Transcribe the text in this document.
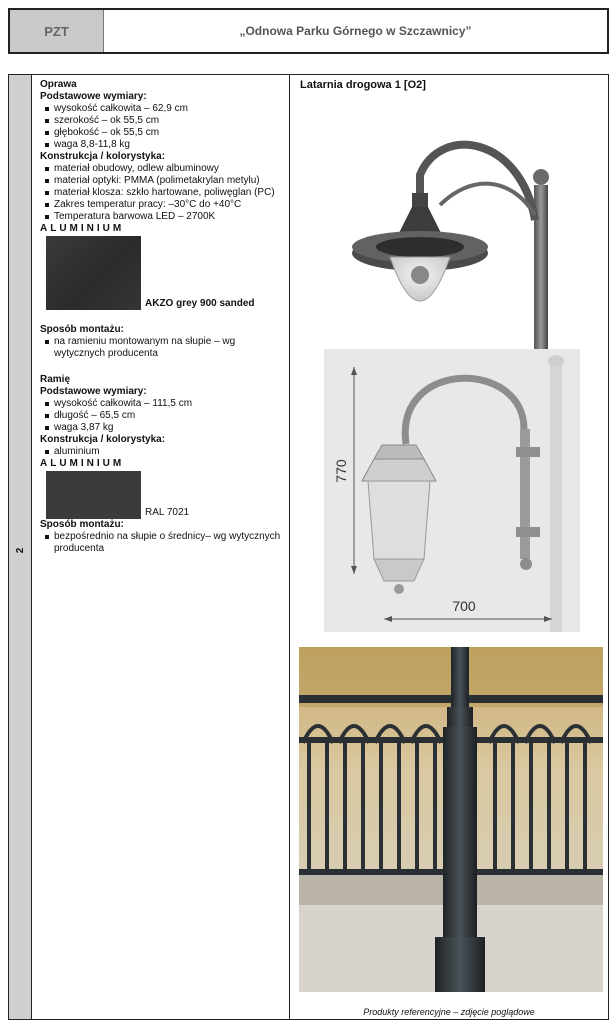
PZT	„Odnowa Parku Górnego w Szczawnicy”
2
Oprawa
Podstawowe wymiary:
wysokość całkowita – 62,9 cm
szerokość – ok 55,5 cm
głębokość – ok 55,5 cm
waga 8,8-11,8 kg
Konstrukcja / kolorystyka:
materiał obudowy, odlew albuminowy
materiał optyki: PMMA (polimetakrylan metylu)
materiał klosza: szkło hartowane, poliwęglan (PC)
Zakres temperatur pracy: –30°C do +40°C
Temperatura barwowa LED – 2700K
ALUMINIUM
AKZO grey 900 sanded
Sposób montażu:
na ramieniu montowanym na słupie – wg wytycznych producenta
Ramię
Podstawowe wymiary:
wysokość całkowita – 111,5 cm
długość – 65,5 cm
waga 3,87 kg
Konstrukcja / kolorystyka:
aluminium
ALUMINIUM
RAL 7021
Sposób montażu:
bezpośrednio na słupie o średnicy– wg wytycznych producenta
Latarnia drogowa 1 [O2]
770
700
Produkty referencyjne – zdjęcie poglądowe
